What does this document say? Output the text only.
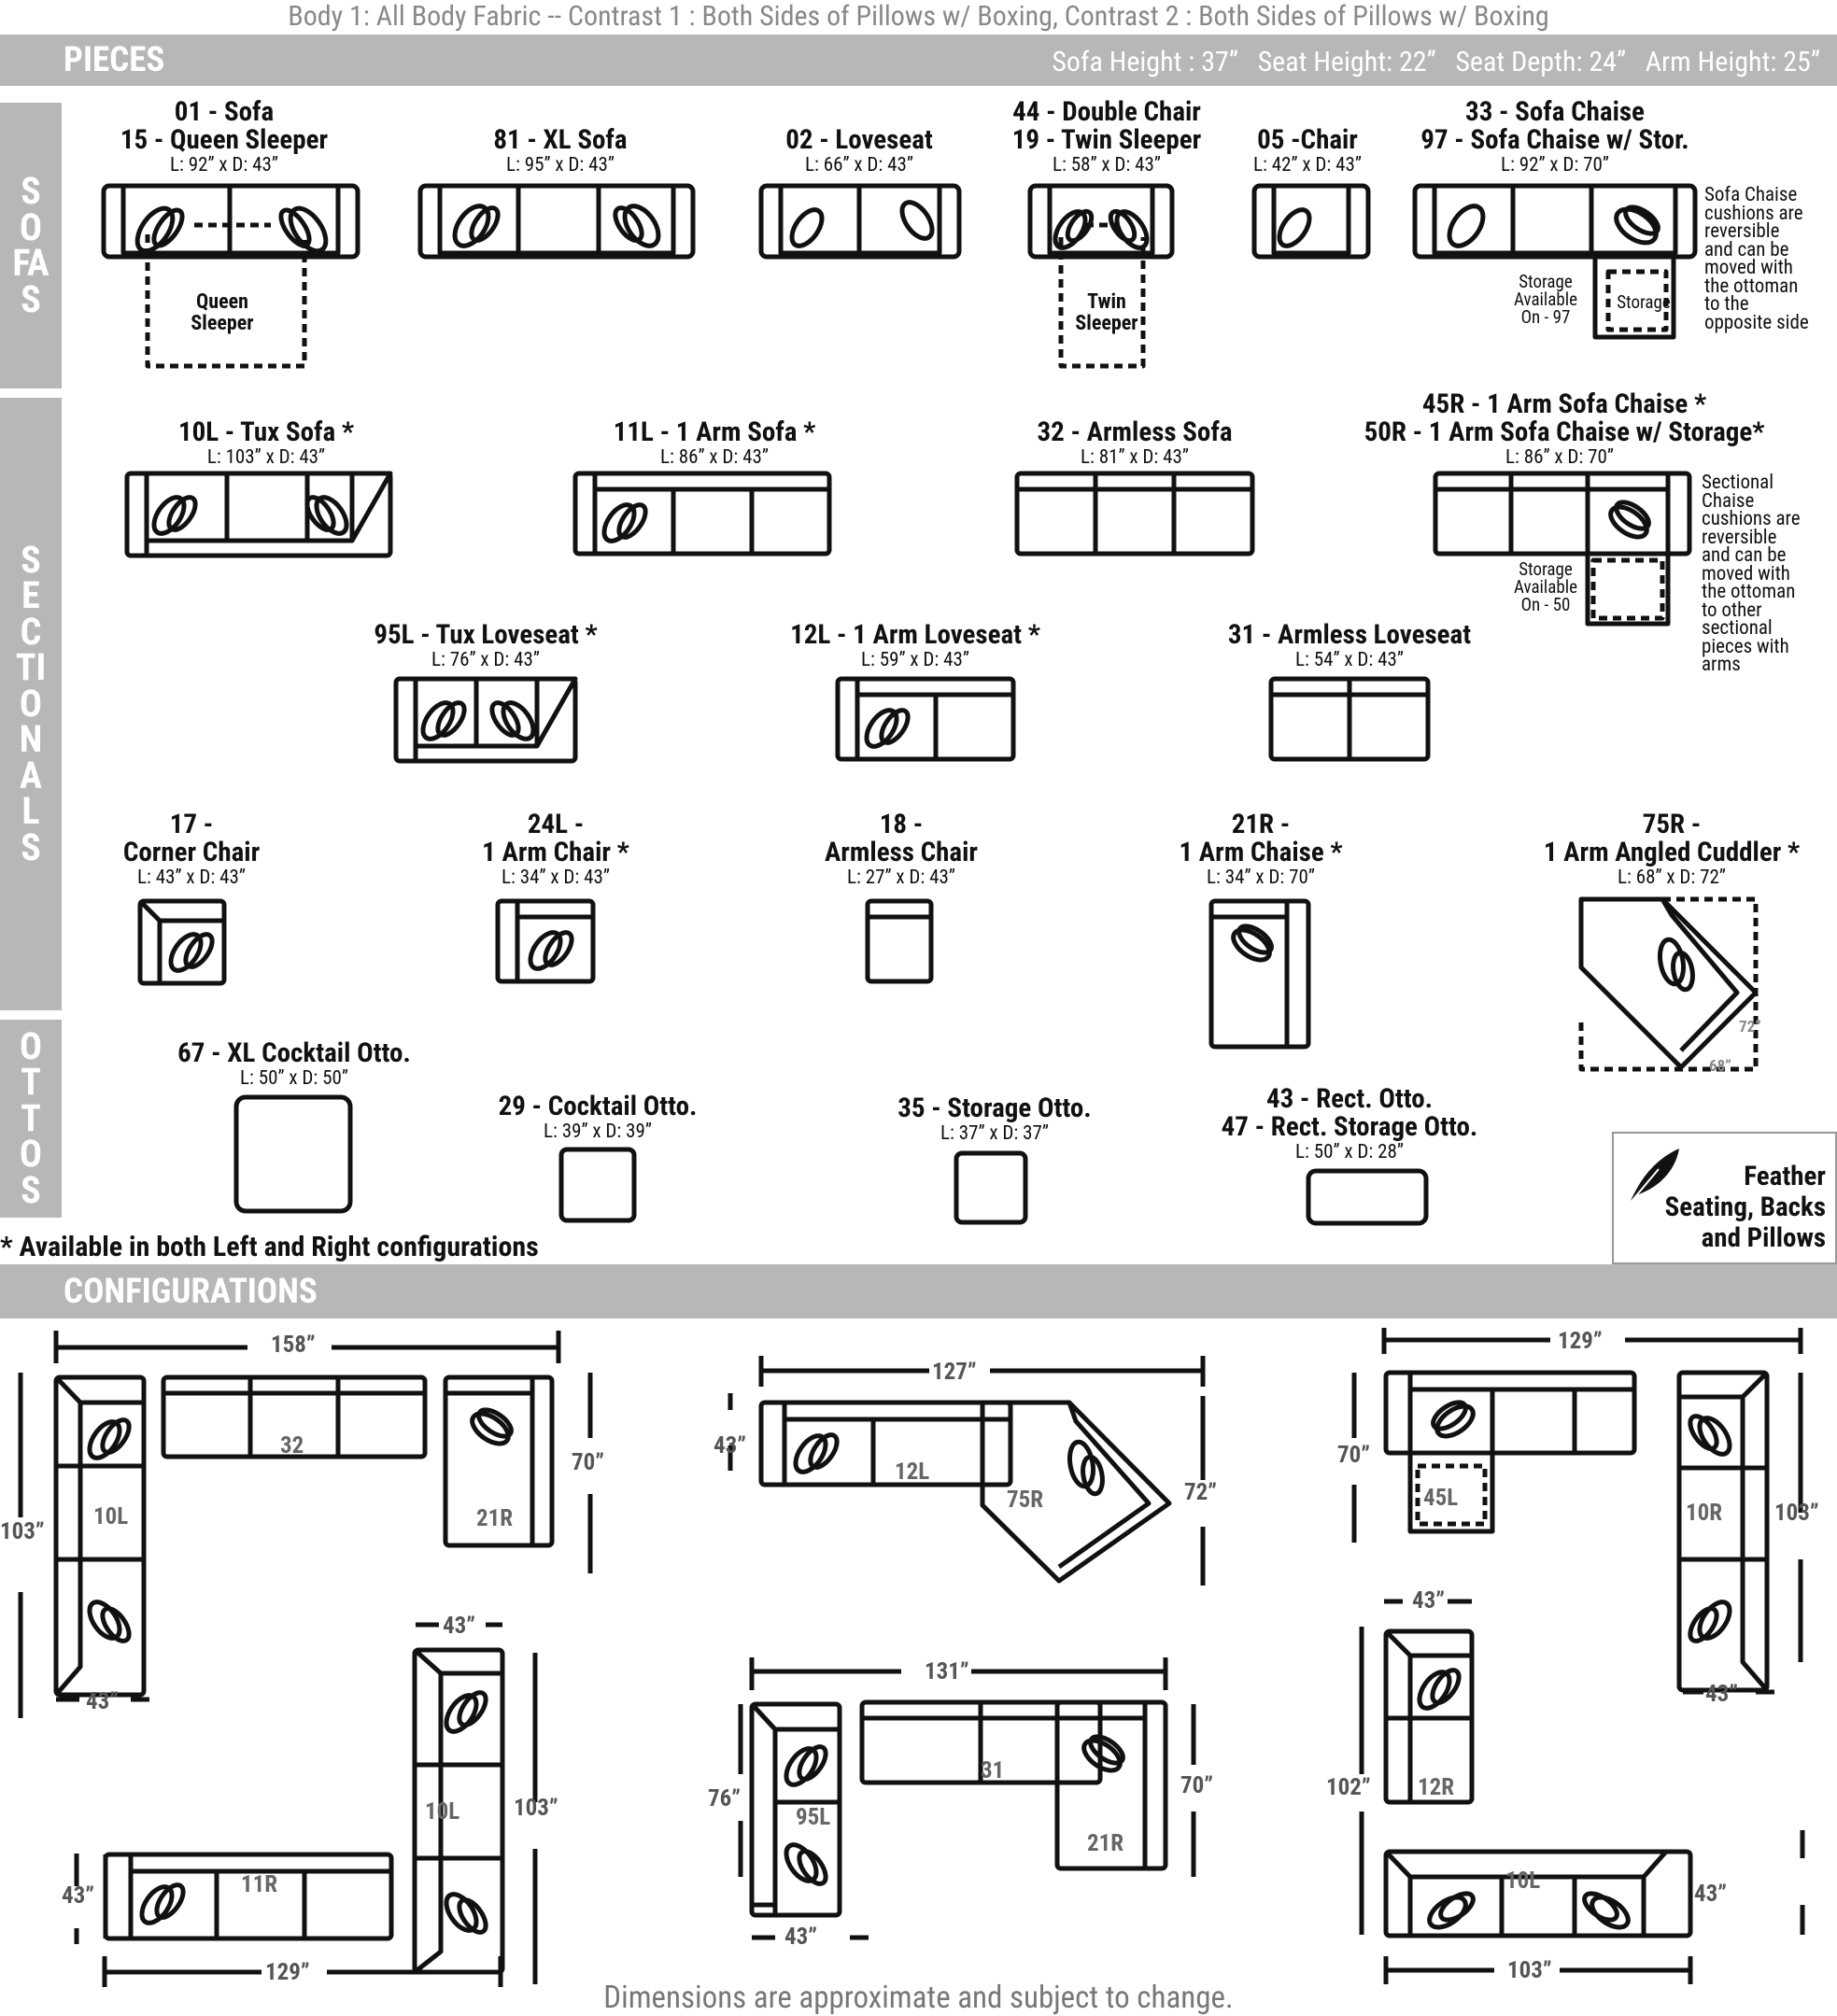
Body 1: All Body Fabric -- Contrast 1 : Both Sides of Pillows w/ Boxing, Contrast 2 : Both Sides of Pillows w/ Boxing
PIECES	Sofa Height : 37”   Seat Height: 22”   Seat Depth: 24”   Arm Height: 25”
SOFAS
SECTIONALS
OTTOS
01 - Sofa
15 - Queen Sleeper
L: 92” x D: 43”
Queen
Sleeper
81 - XL Sofa
L: 95” x D: 43”
02 - Loveseat
L: 66” x D: 43”
44 - Double Chair
19 - Twin Sleeper
L: 58” x D: 43”
Twin
Sleeper
05 -Chair
L: 42” x D: 43”
33 - Sofa Chaise
97 - Sofa Chaise w/ Stor.
L: 92” x D: 70”
Storage
Available
On - 97
Storage
Sofa Chaise
cushions are
reversible
and can be
moved with
the ottoman
to the
opposite side
10L - Tux Sofa *
L: 103” x D: 43”
11L - 1 Arm Sofa *
L: 86” x D: 43”
32 - Armless Sofa
L: 81” x D: 43”
45R - 1 Arm Sofa Chaise *
50R - 1 Arm Sofa Chaise w/ Storage*
L: 86” x D: 70”
Storage
Available
On - 50
Sectional
Chaise
cushions are
reversible
and can be
moved with
the ottoman
to other
sectional
pieces with
arms
95L - Tux Loveseat *
L: 76” x D: 43”
12L - 1 Arm Loveseat *
L: 59” x D: 43”
31 - Armless Loveseat
L: 54” x D: 43”
17 -
Corner Chair
L: 43” x D: 43”
24L -
1 Arm Chair *
L: 34” x D: 43”
18 -
Armless Chair
L: 27” x D: 43”
21R -
1 Arm Chaise *
L: 34” x D: 70”
75R -
1 Arm Angled Cuddler *
L: 68” x D: 72”
72”
68”
67 - XL Cocktail Otto.
L: 50” x D: 50”
29 - Cocktail Otto.
L: 39” x D: 39”
35 - Storage Otto.
L: 37” x D: 37”
43 - Rect. Otto.
47 - Rect. Storage Otto.
L: 50” x D: 28”
Feather
Seating, Backs
and Pillows
* Available in both Left and Right configurations
CONFIGURATIONS
158”
103”
70”
43”
32
10L	21R
43”
103”
43”
129”
10L
11R
127”
43”
72”
12L
75R
131”
76”	70”
43”
31
95L
21R
129”
70”
103”
43”
45L
10R
43”
102”
43”
103”
12R
10L
Dimensions are approximate and subject to change.
